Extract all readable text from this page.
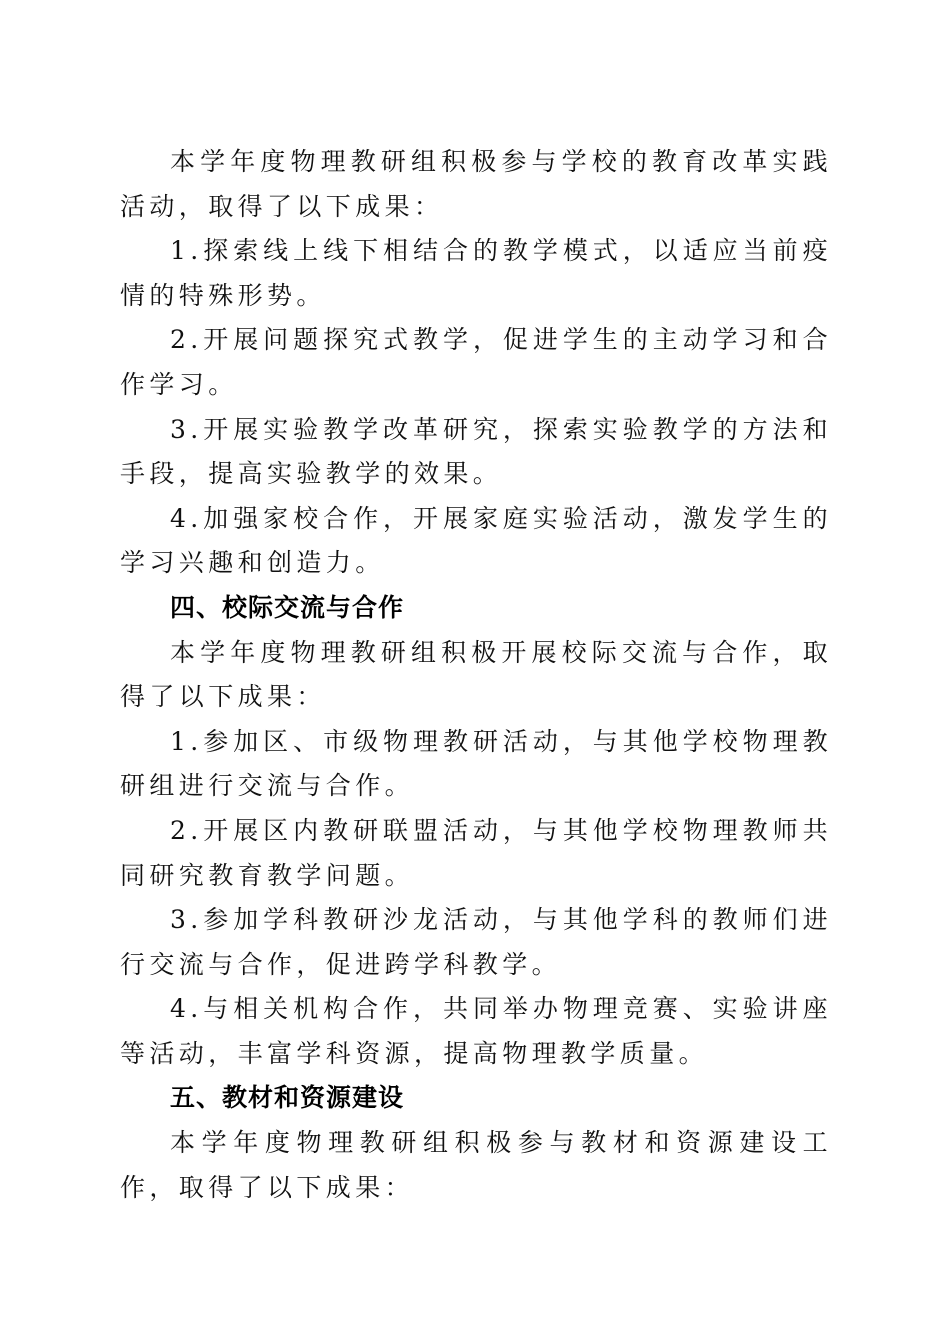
本学年度物理教研组积极参与学校的教育改革实践活动，取得了以下成果：

1.探索线上线下相结合的教学模式，以适应当前疫情的特殊形势。

2.开展问题探究式教学，促进学生的主动学习和合作学习。

3.开展实验教学改革研究，探索实验教学的方法和手段，提高实验教学的效果。

4.加强家校合作，开展家庭实验活动，激发学生的学习兴趣和创造力。

四、校际交流与合作

本学年度物理教研组积极开展校际交流与合作，取得了以下成果：

1.参加区、市级物理教研活动，与其他学校物理教研组进行交流与合作。

2.开展区内教研联盟活动，与其他学校物理教师共同研究教育教学问题。

3.参加学科教研沙龙活动，与其他学科的教师们进行交流与合作，促进跨学科教学。

4.与相关机构合作，共同举办物理竞赛、实验讲座等活动，丰富学科资源，提高物理教学质量。

五、教材和资源建设

本学年度物理教研组积极参与教材和资源建设工作，取得了以下成果：
